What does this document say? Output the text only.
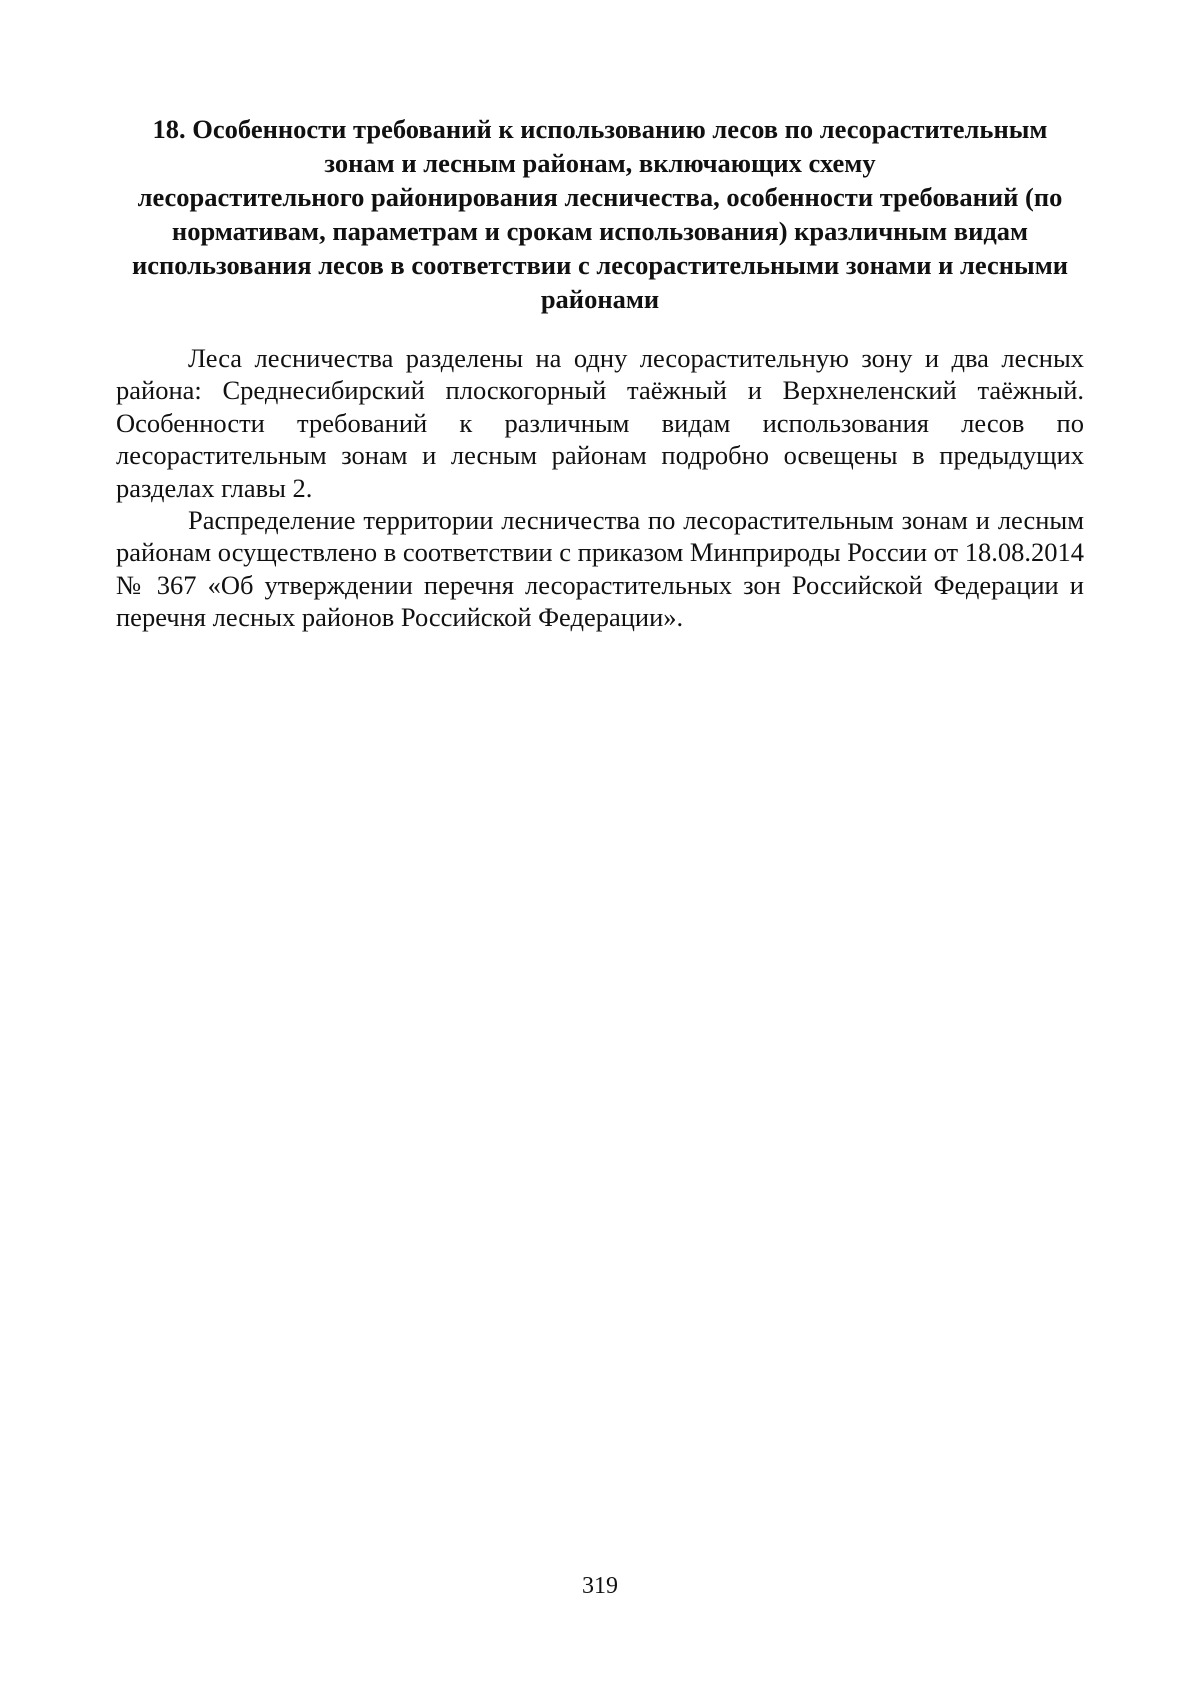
18. Особенности требований к использованию лесов по лесорастительным
зонам и лесным районам, включающих схему
лесорастительного районирования лесничества, особенности требований (по
нормативам, параметрам и срокам использования) кразличным видам
использования лесов в соответствии с лесорастительными зонами и лесными
районами

Леса лесничества разделены на одну лесорастительную зону и два лесных района: Среднесибирский плоскогорный таёжный и Верхнеленский таёжный. Особенности требований к различным видам использования лесов по лесорастительным зонам и лесным районам подробно освещены в предыдущих разделах главы 2.

Распределение территории лесничества по лесорастительным зонам и лесным районам осуществлено в соответствии с приказом Минприроды России от 18.08.2014 № 367 «Об утверждении перечня лесорастительных зон Российской Федерации и перечня лесных районов Российской Федерации».

319
